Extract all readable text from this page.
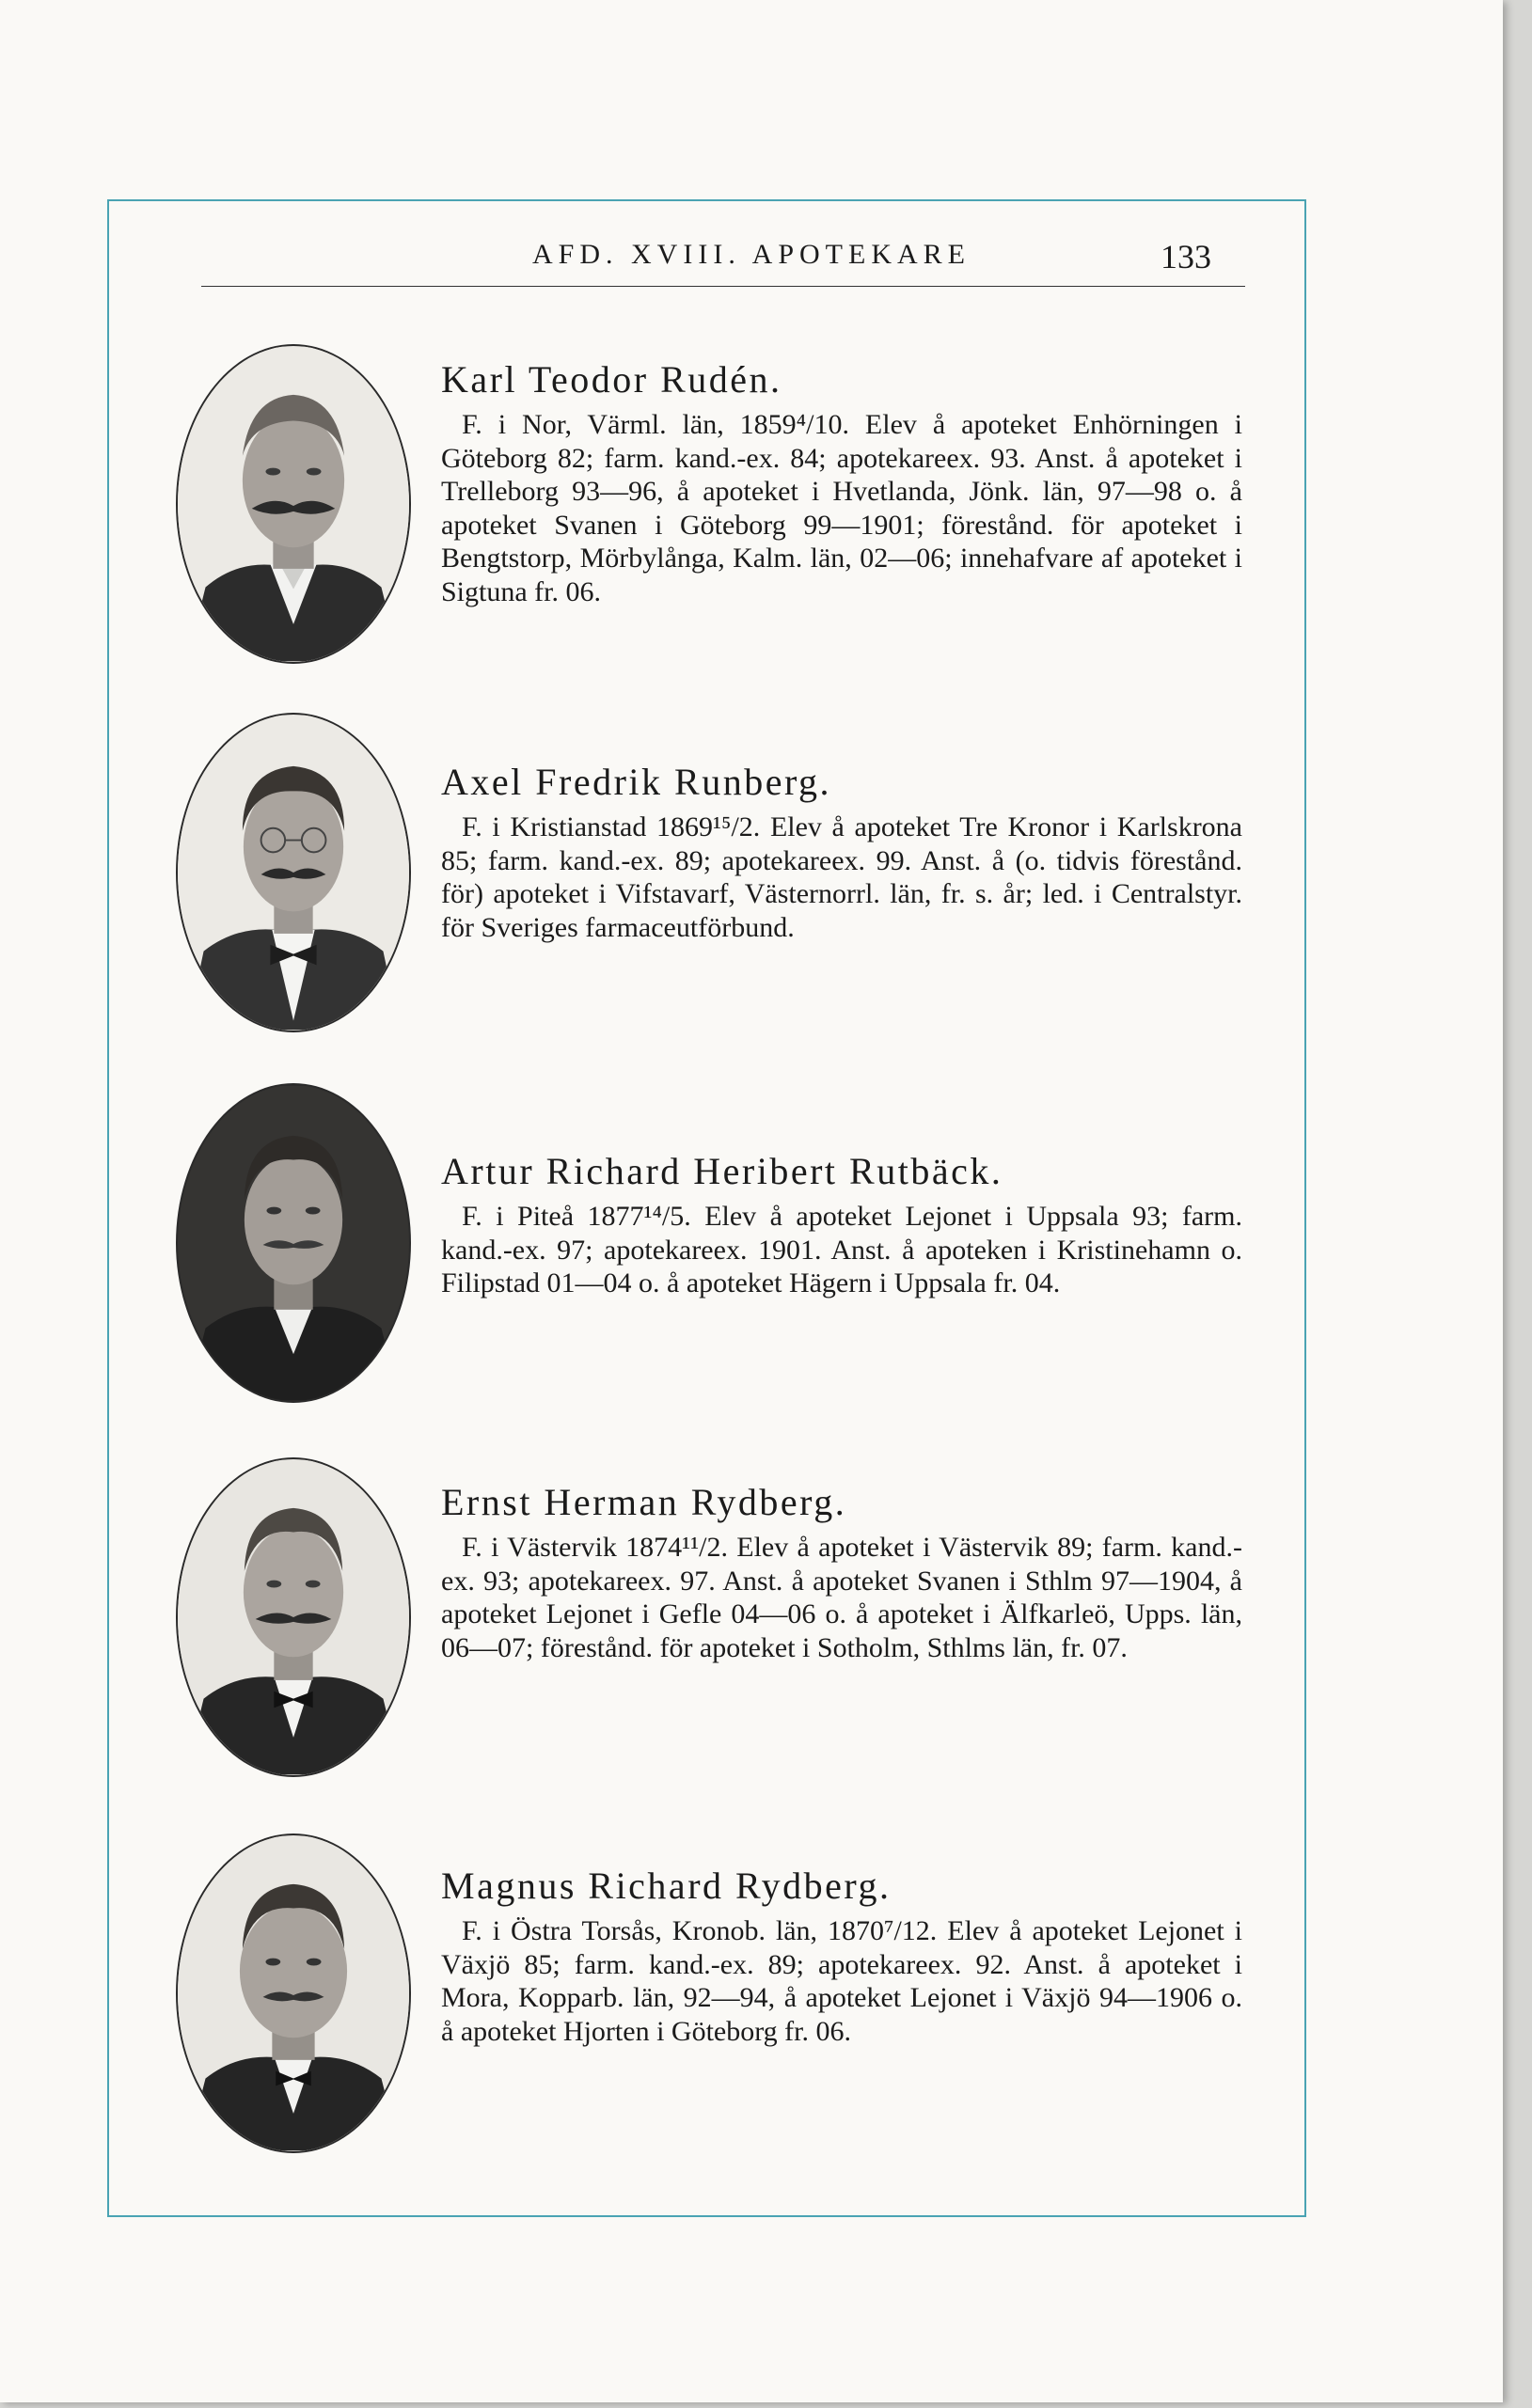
AFD. XVIII. APOTEKARE	133
Karl Teodor Rudén.

F. i Nor, Värml. län, 1859⁴/10. Elev å apoteket Enhörningen i Göteborg 82; farm. kand.-ex. 84; apotekareex. 93. Anst. å apoteket i Trelleborg 93—96, å apoteket i Hvetlanda, Jönk. län, 97—98 o. å apoteket Svanen i Göteborg 99—1901; förestånd. för apoteket i Bengtstorp, Mörbylånga, Kalm. län, 02—06; innehafvare af apoteket i Sigtuna fr. 06.

Axel Fredrik Runberg.

F. i Kristianstad 1869¹⁵/2. Elev å apoteket Tre Kronor i Karlskrona 85; farm. kand.-ex. 89; apotekareex. 99. Anst. å (o. tidvis förestånd. för) apoteket i Vifstavarf, Västernorrl. län, fr. s. år; led. i Centralstyr. för Sveriges farmaceutförbund.

Artur Richard Heribert Rutbäck.

F. i Piteå 1877¹⁴/5. Elev å apoteket Lejonet i Uppsala 93; farm. kand.-ex. 97; apotekareex. 1901. Anst. å apoteken i Kristinehamn o. Filipstad 01—04 o. å apoteket Hägern i Uppsala fr. 04.

Ernst Herman Rydberg.

F. i Västervik 1874¹¹/2. Elev å apoteket i Västervik 89; farm. kand.-ex. 93; apotekareex. 97. Anst. å apoteket Svanen i Sthlm 97—1904, å apoteket Lejonet i Gefle 04—06 o. å apoteket i Älfkarleö, Upps. län, 06—07; förestånd. för apoteket i Sotholm, Sthlms län, fr. 07.

Magnus Richard Rydberg.

F. i Östra Torsås, Kronob. län, 1870⁷/12. Elev å apoteket Lejonet i Växjö 85; farm. kand.-ex. 89; apotekareex. 92. Anst. å apoteket i Mora, Kopparb. län, 92—94, å apoteket Lejonet i Växjö 94—1906 o. å apoteket Hjorten i Göteborg fr. 06.
